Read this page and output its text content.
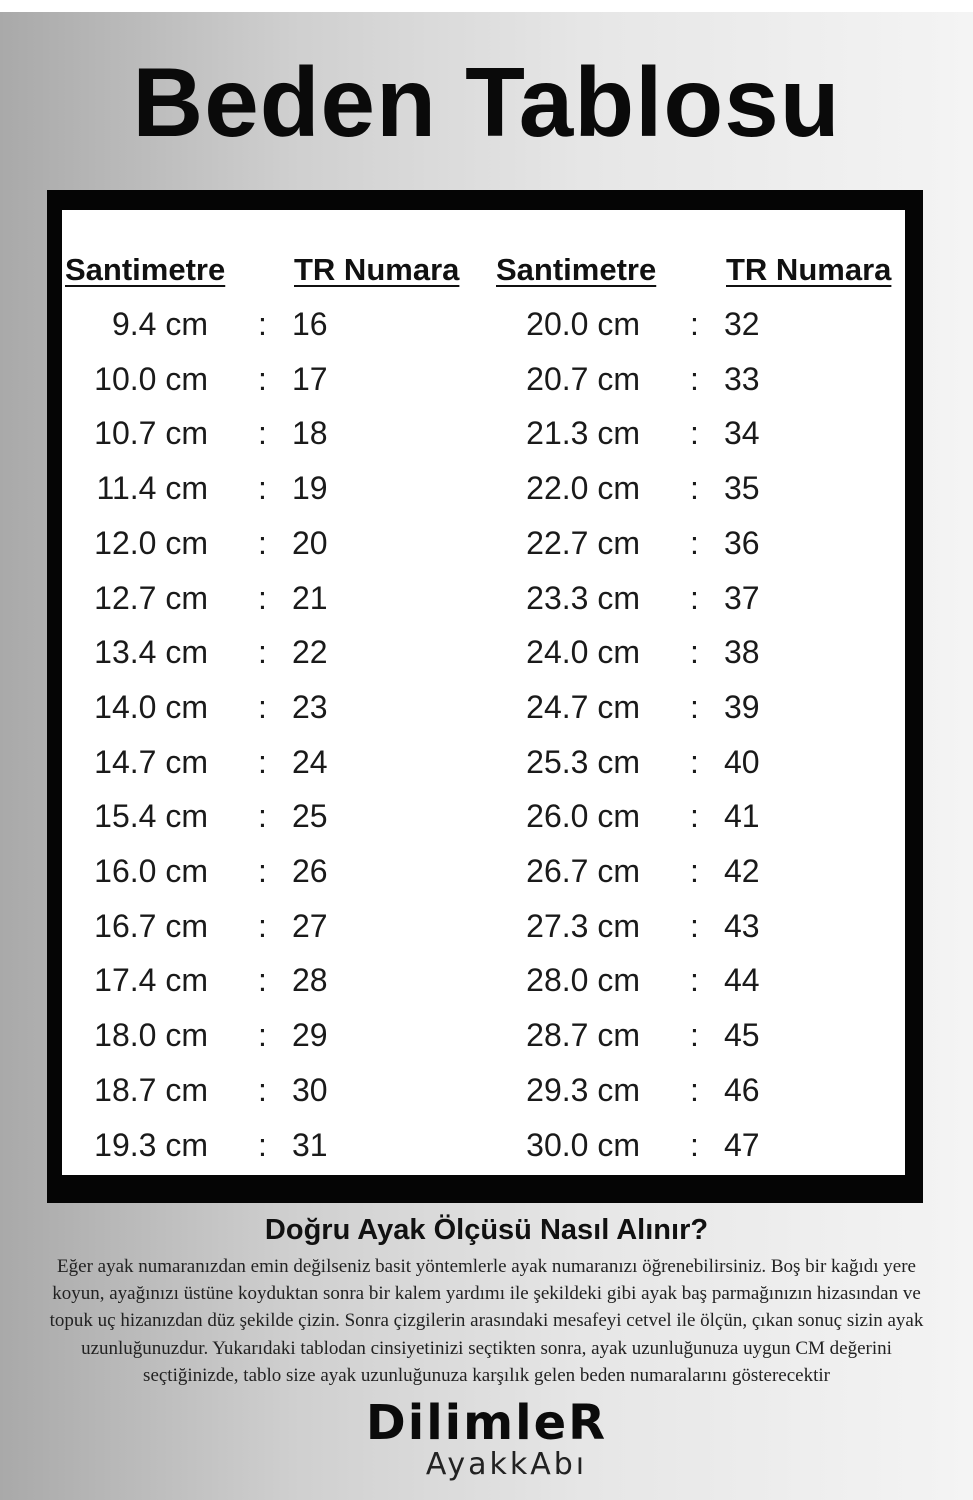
Beden Tablosu
Santimetre TR Numara Santimetre TR Numara
9.4 cm : 16	20.0 cm : 32
10.0 cm : 17	20.7 cm : 33
10.7 cm : 18	21.3 cm : 34
11.4 cm : 19	22.0 cm : 35
12.0 cm : 20	22.7 cm : 36
12.7 cm : 21	23.3 cm : 37
13.4 cm : 22	24.0 cm : 38
14.0 cm : 23	24.7 cm : 39
14.7 cm : 24	25.3 cm : 40
15.4 cm : 25	26.0 cm : 41
16.0 cm : 26	26.7 cm : 42
16.7 cm : 27	27.3 cm : 43
17.4 cm : 28	28.0 cm : 44
18.0 cm : 29	28.7 cm : 45
18.7 cm : 30	29.3 cm : 46
19.3 cm : 31	30.0 cm : 47
Doğru Ayak Ölçüsü Nasıl Alınır?
Eğer ayak numaranızdan emin değilseniz basit yöntemlerle ayak numaranızı öğrenebilirsiniz. Boş bir kağıdı yere
koyun, ayağınızı üstüne koyduktan sonra bir kalem yardımı ile şekildeki gibi ayak baş parmağınızın hizasından ve
topuk uç hizanızdan düz şekilde çizin. Sonra çizgilerin arasındaki mesafeyi cetvel ile ölçün, çıkan sonuç sizin ayak
uzunluğunuzdur. Yukarıdaki tablodan cinsiyetinizi seçtikten sonra, ayak uzunluğunuza uygun CM değerini
seçtiğinizde, tablo size ayak uzunluğunuza karşılık gelen beden numaralarını gösterecektir
DilimleR
AyakkAbı
